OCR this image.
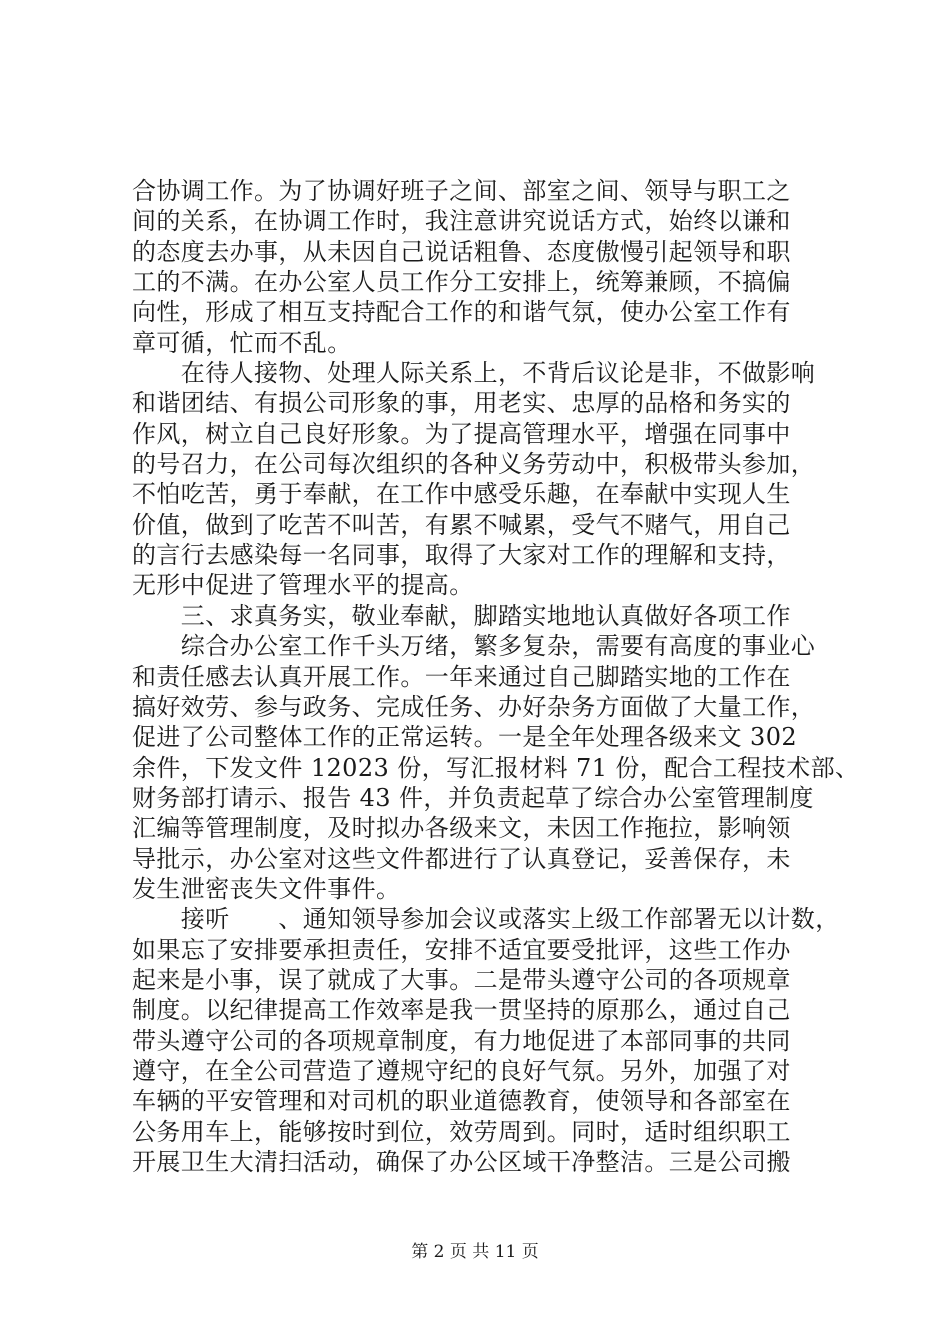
合协调工作。为了协调好班子之间、部室之间、领导与职工之
间的关系，在协调工作时，我注意讲究说话方式，始终以谦和
的态度去办事，从未因自己说话粗鲁、态度傲慢引起领导和职
工的不满。在办公室人员工作分工安排上，统筹兼顾，不搞偏
向性，形成了相互支持配合工作的和谐气氛，使办公室工作有
章可循，忙而不乱。
　　在待人接物、处理人际关系上，不背后议论是非，不做影响
和谐团结、有损公司形象的事，用老实、忠厚的品格和务实的
作风，树立自己良好形象。为了提高管理水平，增强在同事中
的号召力，在公司每次组织的各种义务劳动中，积极带头参加，
不怕吃苦，勇于奉献，在工作中感受乐趣，在奉献中实现人生
价值，做到了吃苦不叫苦，有累不喊累，受气不赌气，用自己
的言行去感染每一名同事，取得了大家对工作的理解和支持，
无形中促进了管理水平的提高。
　　三、求真务实，敬业奉献，脚踏实地地认真做好各项工作
　　综合办公室工作千头万绪，繁多复杂，需要有高度的事业心
和责任感去认真开展工作。一年来通过自己脚踏实地的工作在
搞好效劳、参与政务、完成任务、办好杂务方面做了大量工作，
促进了公司整体工作的正常运转。一是全年处理各级来文 302
余件，下发文件 12023 份，写汇报材料 71 份，配合工程技术部、
财务部打请示、报告 43 件，并负责起草了综合办公室管理制度
汇编等管理制度，及时拟办各级来文，未因工作拖拉，影响领
导批示，办公室对这些文件都进行了认真登记，妥善保存，未
发生泄密丧失文件事件。
　　接听　　、通知领导参加会议或落实上级工作部署无以计数，
如果忘了安排要承担责任，安排不适宜要受批评，这些工作办
起来是小事，误了就成了大事。二是带头遵守公司的各项规章
制度。以纪律提高工作效率是我一贯坚持的原那么，通过自己
带头遵守公司的各项规章制度，有力地促进了本部同事的共同
遵守，在全公司营造了遵规守纪的良好气氛。另外，加强了对
车辆的平安管理和对司机的职业道德教育，使领导和各部室在
公务用车上，能够按时到位，效劳周到。同时，适时组织职工
开展卫生大清扫活动，确保了办公区域干净整洁。三是公司搬
第 2 页 共 11 页
